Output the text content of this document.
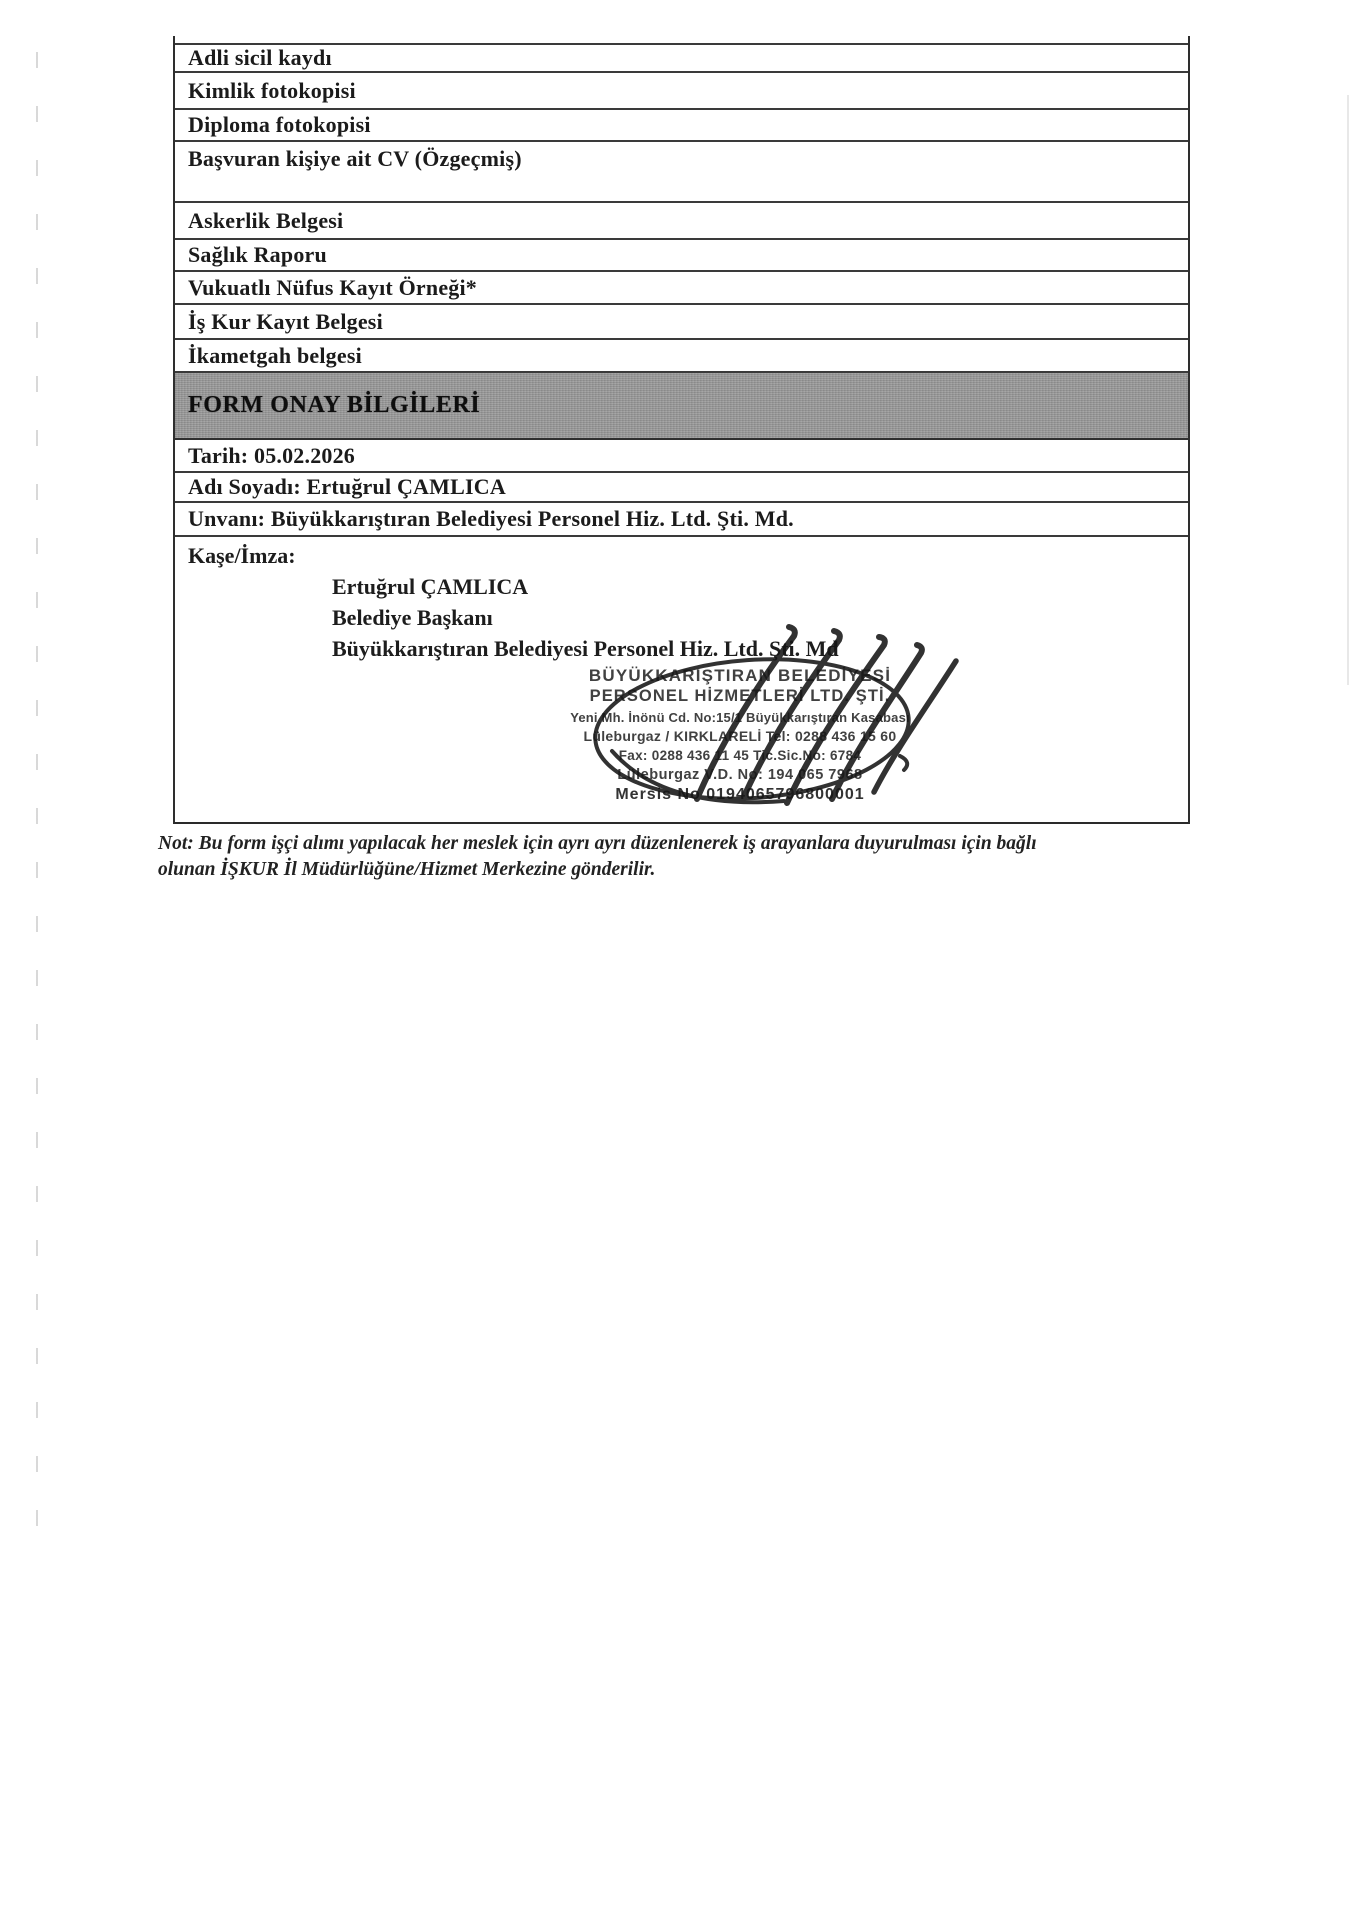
Adli sicil kaydı
Kimlik fotokopisi
Diploma fotokopisi
Başvuran kişiye ait CV (Özgeçmiş)
Askerlik Belgesi
Sağlık Raporu
Vukuatlı Nüfus Kayıt Örneği*
İş Kur Kayıt Belgesi
İkametgah belgesi
FORM ONAY BİLGİLERİ
Tarih: 05.02.2026
Adı Soyadı: Ertuğrul ÇAMLICA
Unvanı: Büyükkarıştıran Belediyesi Personel Hiz. Ltd. Şti. Md.
Kaşe/İmza:
Ertuğrul ÇAMLICA
Belediye Başkanı
Büyükkarıştıran Belediyesi Personel Hiz. Ltd. Şti. Md
BÜYÜKKARIŞTIRAN BELEDİYESİ
PERSONEL HİZMETLERİ LTD. ŞTİ.
Yeni Mh. İnönü Cd. No:15/1 Büyükkarıştıran Kasabası
Lüleburgaz / KIRKLARELİ Tel: 0288 436 15 60
Fax: 0288 436 11 45 Tic.Sic.No: 6784
Lüleburgaz V.D. No: 194 065 7968
Mersis No 0194065796800001
Not: Bu form işçi alımı yapılacak her meslek için ayrı ayrı düzenlenerek iş arayanlara duyurulması için bağlı
olunan İŞKUR İl Müdürlüğüne/Hizmet Merkezine gönderilir.
